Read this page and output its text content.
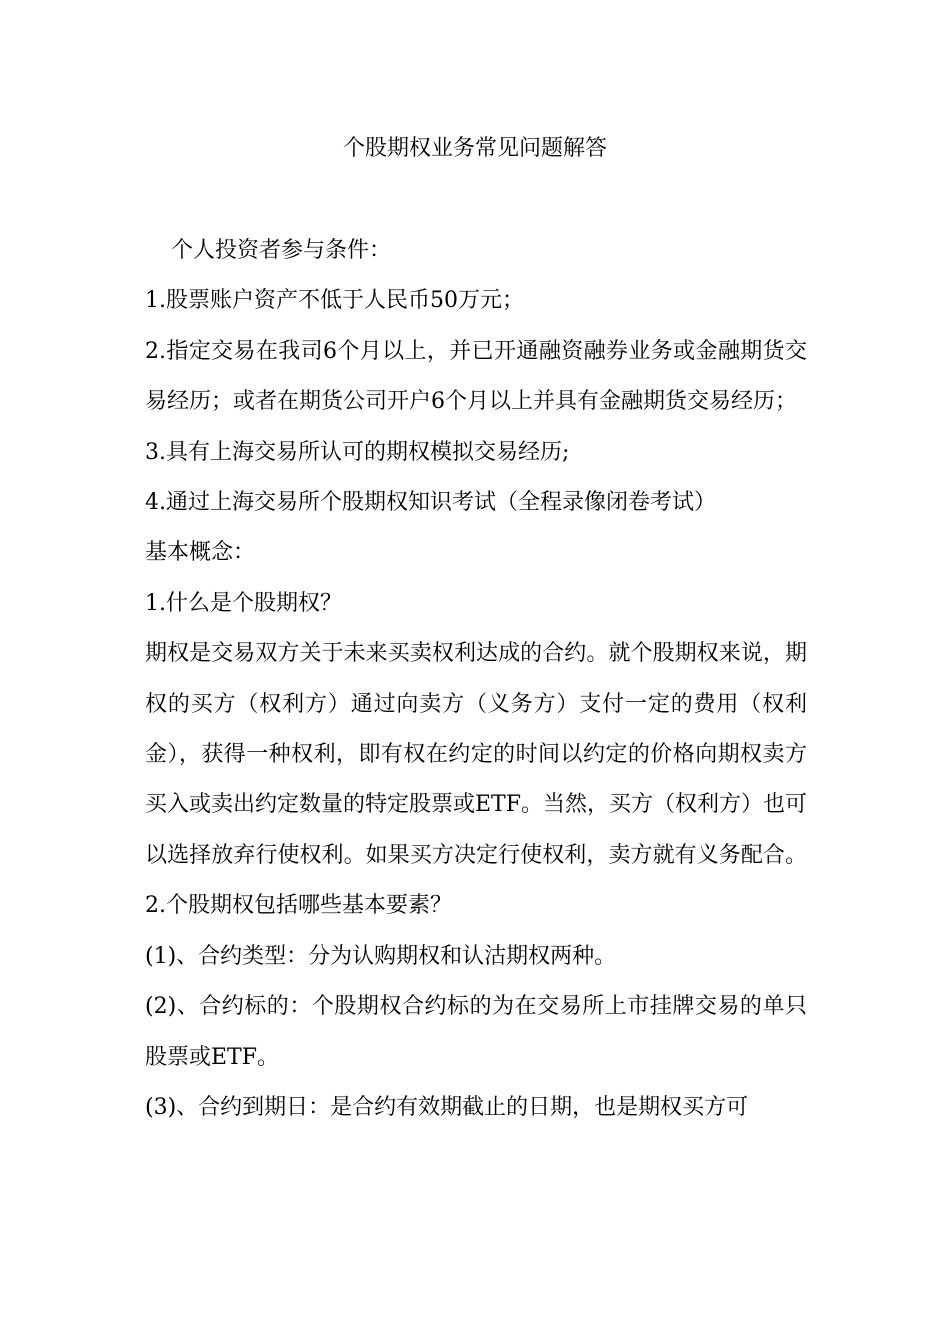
个股期权业务常见问题解答

个人投资者参与条件：

1.股票账户资产不低于人民币50万元；

2.指定交易在我司6个月以上，并已开通融资融券业务或金融期货交易经历；或者在期货公司开户6个月以上并具有金融期货交易经历；

3.具有上海交易所认可的期权模拟交易经历;

4.通过上海交易所个股期权知识考试（全程录像闭卷考试）

基本概念：

1.什么是个股期权？

期权是交易双方关于未来买卖权利达成的合约。就个股期权来说，期权的买方（权利方）通过向卖方（义务方）支付一定的费用（权利金），获得一种权利，即有权在约定的时间以约定的价格向期权卖方买入或卖出约定数量的特定股票或ETF。当然，买方（权利方）也可以选择放弃行使权利。如果买方决定行使权利，卖方就有义务配合。 2.个股期权包括哪些基本要素？

(1)、合约类型：分为认购期权和认沽期权两种。

(2)、合约标的：个股期权合约标的为在交易所上市挂牌交易的单只股票或ETF。

(3)、合约到期日：是合约有效期截止的日期，也是期权买方可
